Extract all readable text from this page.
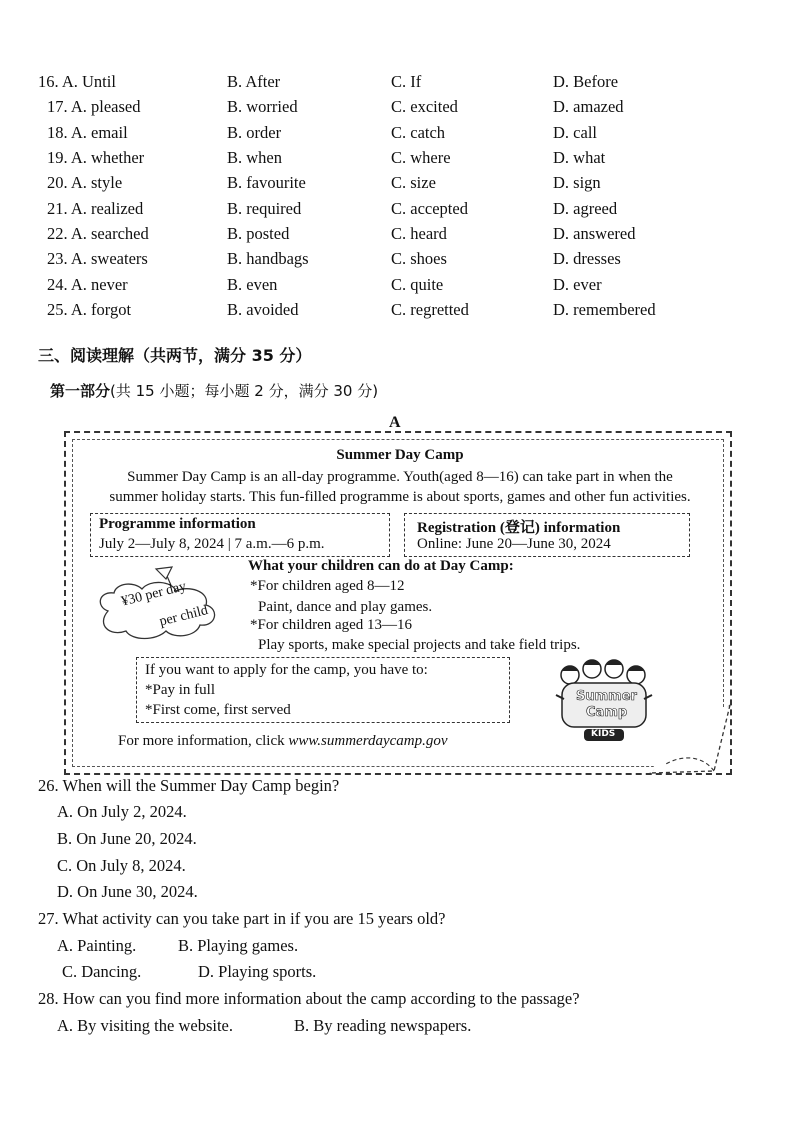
16. A. Until	B. After	C. If	D. Before
17. A. pleased	B. worried	C. excited	D. amazed
18. A. email	B. order	C. catch	D. call
19. A. whether	B. when	C. where	D. what
20. A. style	B. favourite	C. size	D. sign
21. A. realized	B. required	C. accepted	D. agreed
22. A. searched	B. posted	C. heard	D. answered
23. A. sweaters	B. handbags	C. shoes	D. dresses
24. A. never	B. even	C. quite	D. ever
25. A. forgot	B. avoided	C. regretted	D. remembered
三、阅读理解（共两节，满分 35 分）
第一部分(共 15 小题；每小题 2 分，满分 30 分)
A
Summer Day Camp
Summer Day Camp is an all-day programme. Youth(aged 8—16) can take part in when the
summer holiday starts. This fun-filled programme is about sports, games and other fun activities.
Programme information
July 2—July 8, 2024 | 7 a.m.—6 p.m.
Registration (登记) information
Online: June 20—June 30, 2024
¥30 per day
per child
What your children can do at Day Camp:
*For children aged 8—12
Paint, dance and play games.
*For children aged 13—16
Play sports, make special projects and take field trips.
If you want to apply for the camp, you have to:
*Pay in full
*First come, first served
For more information, click www.summerdaycamp.gov
Summer
Camp
KIDS
26. When will the Summer Day Camp begin?
A. On July 2, 2024.
B. On June 20, 2024.
C. On July 8, 2024.
D. On June 30, 2024.
27. What activity can you take part in if you are 15 years old?
A. Painting.	B. Playing games.
C. Dancing.	D. Playing sports.
28. How can you find more information about the camp according to the passage?
A. By visiting the website.	B. By reading newspapers.
